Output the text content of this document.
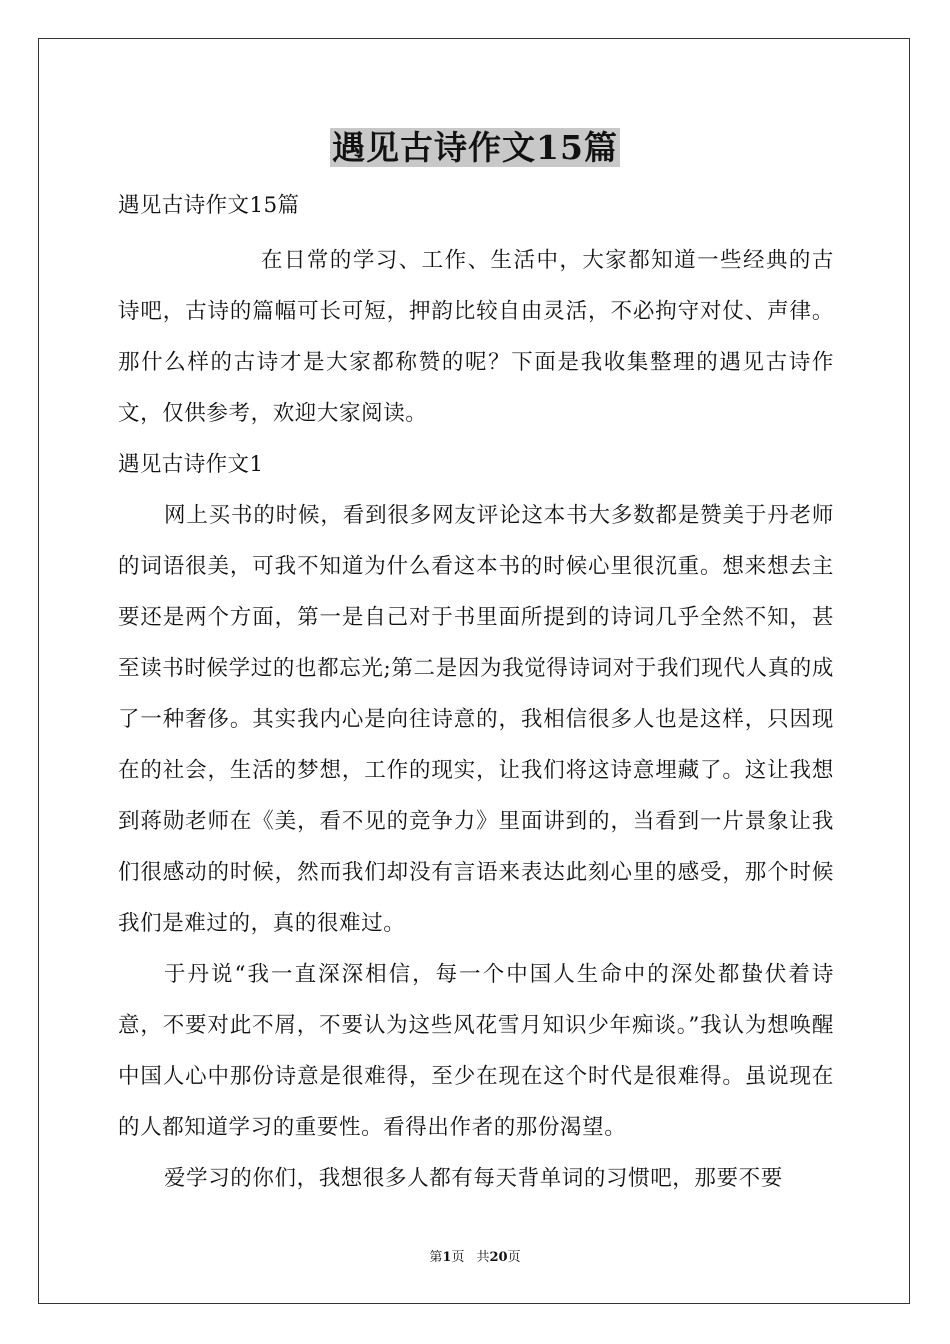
遇见古诗作文15篇

遇见古诗作文15篇

在日常的学习、工作、生活中，大家都知道一些经典的古诗吧，古诗的篇幅可长可短，押韵比较自由灵活，不必拘守对仗、声律。那什么样的古诗才是大家都称赞的呢？下面是我收集整理的遇见古诗作文，仅供参考，欢迎大家阅读。

遇见古诗作文1

网上买书的时候，看到很多网友评论这本书大多数都是赞美于丹老师的词语很美，可我不知道为什么看这本书的时候心里很沉重。想来想去主要还是两个方面，第一是自己对于书里面所提到的诗词几乎全然不知，甚至读书时候学过的也都忘光;第二是因为我觉得诗词对于我们现代人真的成了一种奢侈。其实我内心是向往诗意的，我相信很多人也是这样，只因现在的社会，生活的梦想，工作的现实，让我们将这诗意埋藏了。这让我想到蒋勋老师在《美，看不见的竞争力》里面讲到的，当看到一片景象让我们很感动的时候，然而我们却没有言语来表达此刻心里的感受，那个时候我们是难过的，真的很难过。

于丹说“我一直深深相信，每一个中国人生命中的深处都蛰伏着诗意，不要对此不屑，不要认为这些风花雪月知识少年痴谈。”我认为想唤醒中国人心中那份诗意是很难得，至少在现在这个时代是很难得。虽说现在的人都知道学习的重要性。看得出作者的那份渴望。

爱学习的你们，我想很多人都有每天背单词的习惯吧，那要不要

第1页 共20页
